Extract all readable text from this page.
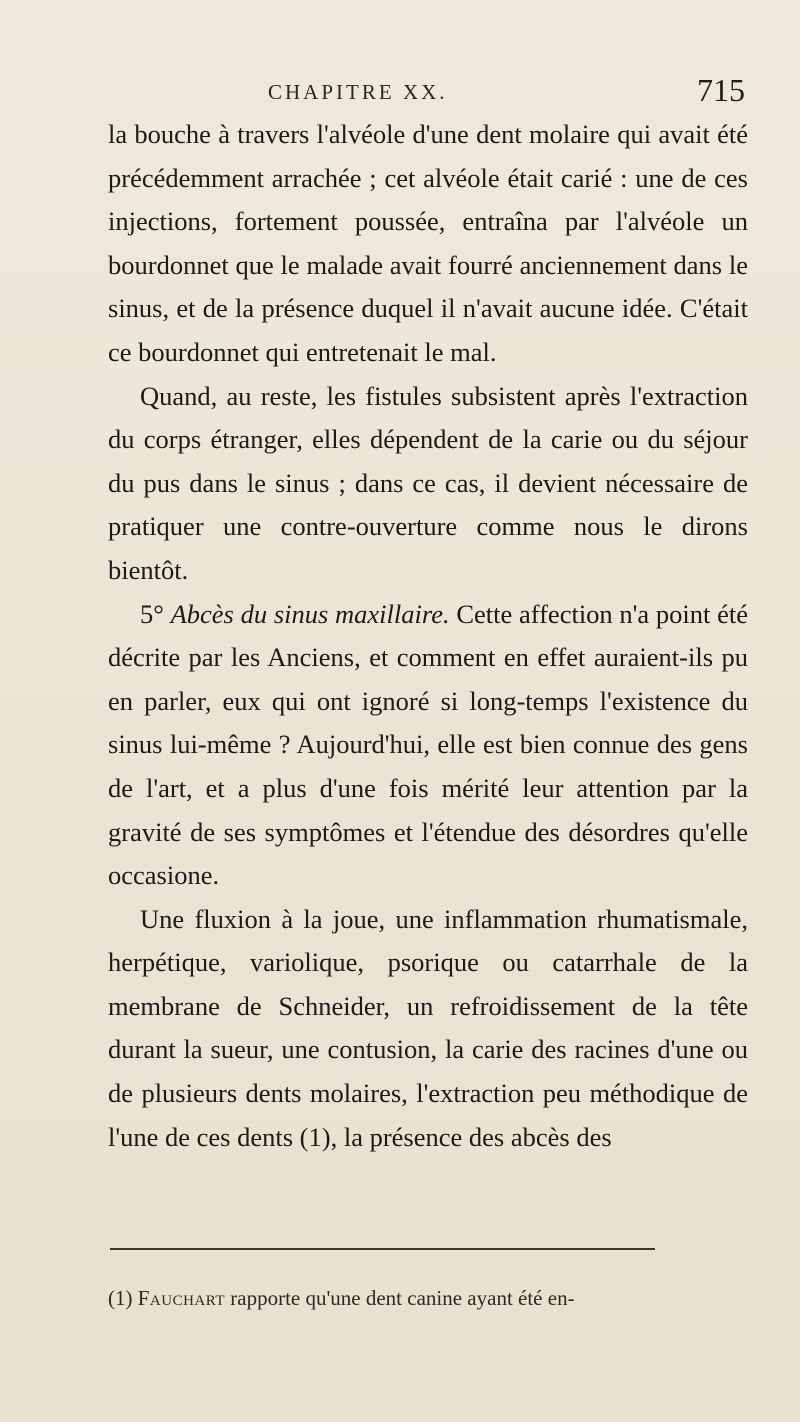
CHAPITRE XX.	715

la bouche à travers l'alvéole d'une dent molaire qui avait été précédemment arrachée ; cet alvéole était carié : une de ces injections, fortement poussée, entraîna par l'alvéole un bourdonnet que le malade avait fourré anciennement dans le sinus, et de la présence duquel il n'avait aucune idée. C'était ce bourdonnet qui entretenait le mal.

Quand, au reste, les fistules subsistent après l'extraction du corps étranger, elles dépendent de la carie ou du séjour du pus dans le sinus ; dans ce cas, il devient nécessaire de pratiquer une contre-ouverture comme nous le dirons bientôt.

5° Abcès du sinus maxillaire. Cette affection n'a point été décrite par les Anciens, et comment en effet auraient-ils pu en parler, eux qui ont ignoré si long-temps l'existence du sinus lui-même ? Aujourd'hui, elle est bien connue des gens de l'art, et a plus d'une fois mérité leur attention par la gravité de ses symptômes et l'étendue des désordres qu'elle occasione.

Une fluxion à la joue, une inflammation rhumatismale, herpétique, variolique, psorique ou catarrhale de la membrane de Schneider, un refroidissement de la tête durant la sueur, une contusion, la carie des racines d'une ou de plusieurs dents molaires, l'extraction peu méthodique de l'une de ces dents (1), la présence des abcès des

(1) Fauchart rapporte qu'une dent canine ayant été en-
